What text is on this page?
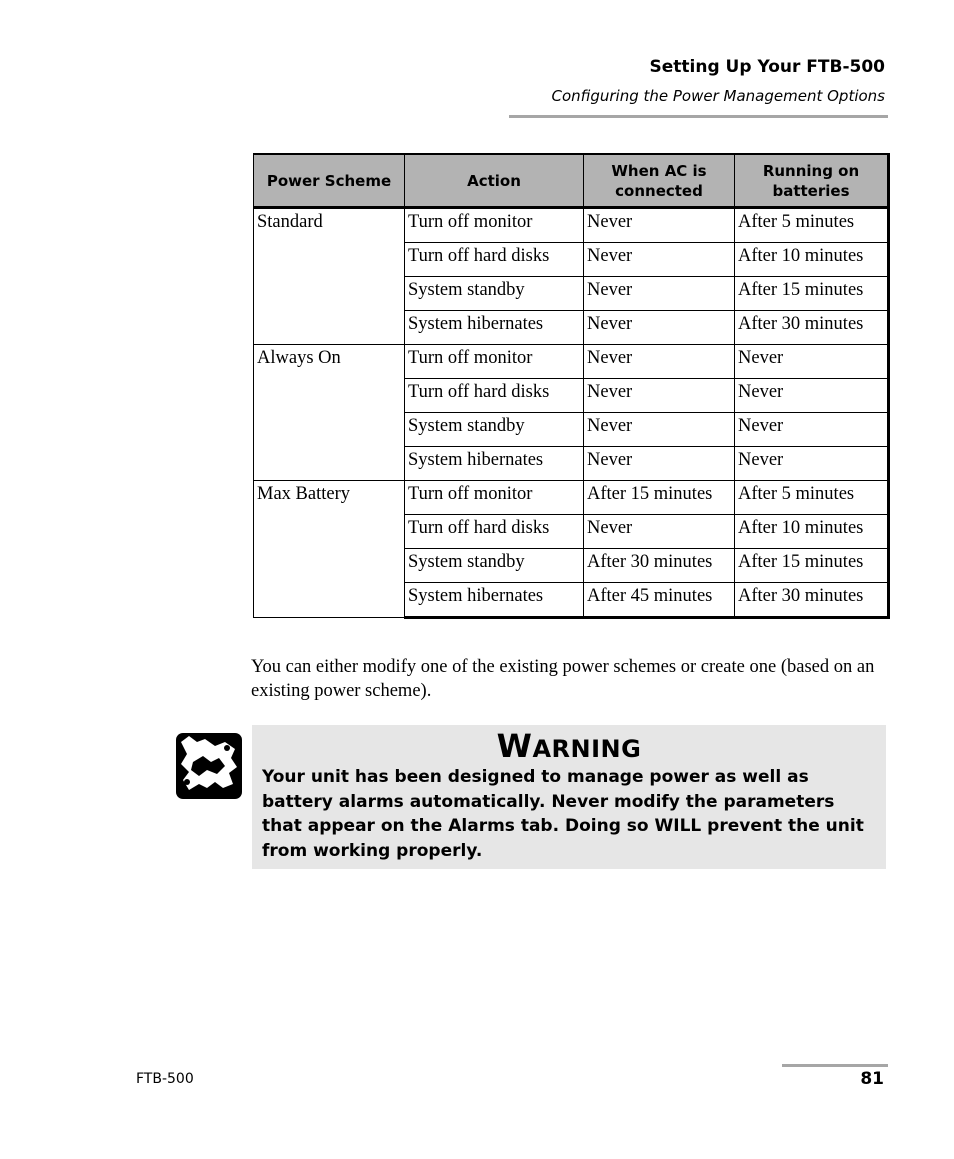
Setting Up Your FTB-500
Configuring the Power Management Options
Power Scheme	Action	When AC is connected	Running on batteries
Standard	Turn off monitor	Never	After 5 minutes
	Turn off hard disks	Never	After 10 minutes
	System standby	Never	After 15 minutes
	System hibernates	Never	After 30 minutes
Always On	Turn off monitor	Never	Never
	Turn off hard disks	Never	Never
	System standby	Never	Never
	System hibernates	Never	Never
Max Battery	Turn off monitor	After 15 minutes	After 5 minutes
	Turn off hard disks	Never	After 10 minutes
	System standby	After 30 minutes	After 15 minutes
	System hibernates	After 45 minutes	After 30 minutes
You can either modify one of the existing power schemes or create one (based on an existing power scheme).
WARNING
Your unit has been designed to manage power as well as battery alarms automatically. Never modify the parameters that appear on the Alarms tab. Doing so WILL prevent the unit from working properly.
FTB-500	81
